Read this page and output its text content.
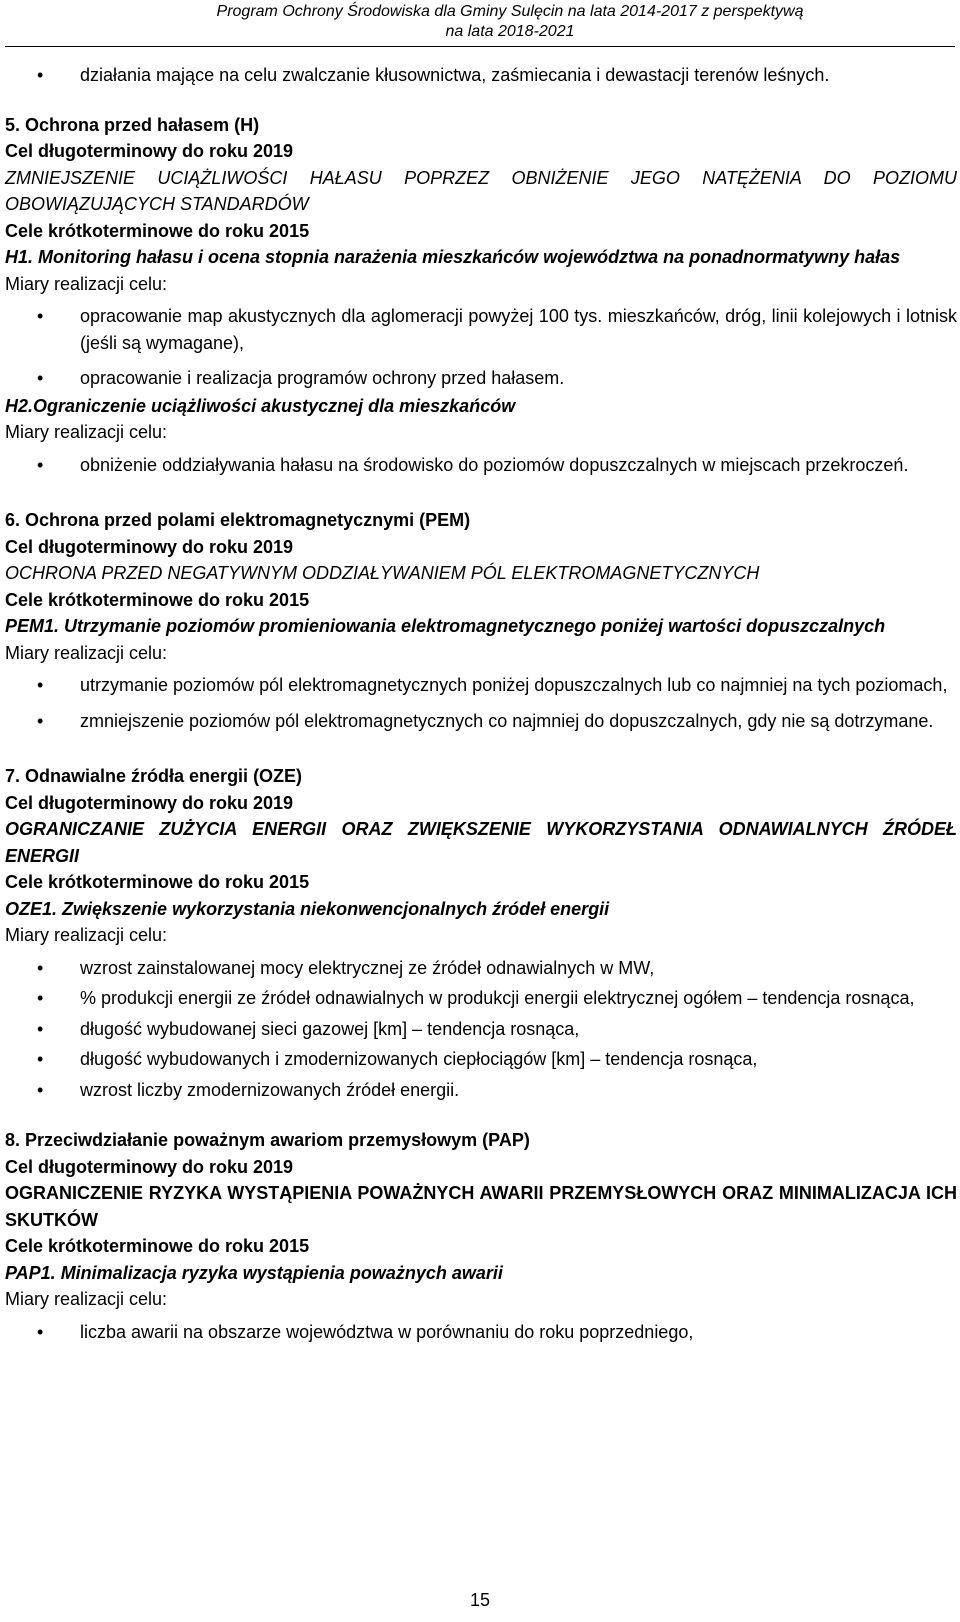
Program Ochrony Środowiska dla Gminy Sulęcin na lata 2014-2017 z perspektywą
na lata 2018-2021
• działania mające na celu zwalczanie kłusownictwa, zaśmiecania i dewastacji terenów leśnych.
5. Ochrona przed hałasem (H)
Cel długoterminowy do roku 2019
ZMNIEJSZENIE UCIĄŻLIWOŚCI HAŁASU POPRZEZ OBNIŻENIE JEGO NATĘŻENIA DO POZIOMU OBOWIĄZUJĄCYCH STANDARDÓW
Cele krótkoterminowe do roku 2015
H1. Monitoring hałasu i ocena stopnia narażenia mieszkańców województwa na ponadnormatywny hałas
Miary realizacji celu:
• opracowanie map akustycznych dla aglomeracji powyżej 100 tys. mieszkańców, dróg, linii kolejowych i lotnisk (jeśli są wymagane),
• opracowanie i realizacja programów ochrony przed hałasem.
H2.Ograniczenie uciążliwości akustycznej dla mieszkańców
Miary realizacji celu:
• obniżenie oddziaływania hałasu na środowisko do poziomów dopuszczalnych w miejscach przekroczeń.
6. Ochrona przed polami elektromagnetycznymi (PEM)
Cel długoterminowy do roku 2019
OCHRONA PRZED NEGATYWNYM ODDZIAŁYWANIEM PÓL ELEKTROMAGNETYCZNYCH
Cele krótkoterminowe do roku 2015
PEM1. Utrzymanie poziomów promieniowania elektromagnetycznego poniżej wartości dopuszczalnych
Miary realizacji celu:
• utrzymanie poziomów pól elektromagnetycznych poniżej dopuszczalnych lub co najmniej na tych poziomach,
• zmniejszenie poziomów pól elektromagnetycznych co najmniej do dopuszczalnych, gdy nie są dotrzymane.
7. Odnawialne źródła energii (OZE)
Cel długoterminowy do roku 2019
OGRANICZANIE ZUŻYCIA ENERGII ORAZ ZWIĘKSZENIE WYKORZYSTANIA ODNAWIALNYCH ŹRÓDEŁ ENERGII
Cele krótkoterminowe do roku 2015
OZE1. Zwiększenie wykorzystania niekonwencjonalnych źródeł energii
Miary realizacji celu:
• wzrost zainstalowanej mocy elektrycznej ze źródeł odnawialnych w MW,
• % produkcji energii ze źródeł odnawialnych w produkcji energii elektrycznej ogółem – tendencja rosnąca,
• długość wybudowanej sieci gazowej [km] – tendencja rosnąca,
• długość wybudowanych i zmodernizowanych ciepłociągów [km] – tendencja rosnąca,
• wzrost liczby zmodernizowanych źródeł energii.
8. Przeciwdziałanie poważnym awariom przemysłowym (PAP)
Cel długoterminowy do roku 2019
OGRANICZENIE RYZYKA WYSTĄPIENIA POWAŻNYCH AWARII PRZEMYSŁOWYCH ORAZ MINIMALIZACJA ICH SKUTKÓW
Cele krótkoterminowe do roku 2015
PAP1. Minimalizacja ryzyka wystąpienia poważnych awarii
Miary realizacji celu:
• liczba awarii na obszarze województwa w porównaniu do roku poprzedniego,
15
